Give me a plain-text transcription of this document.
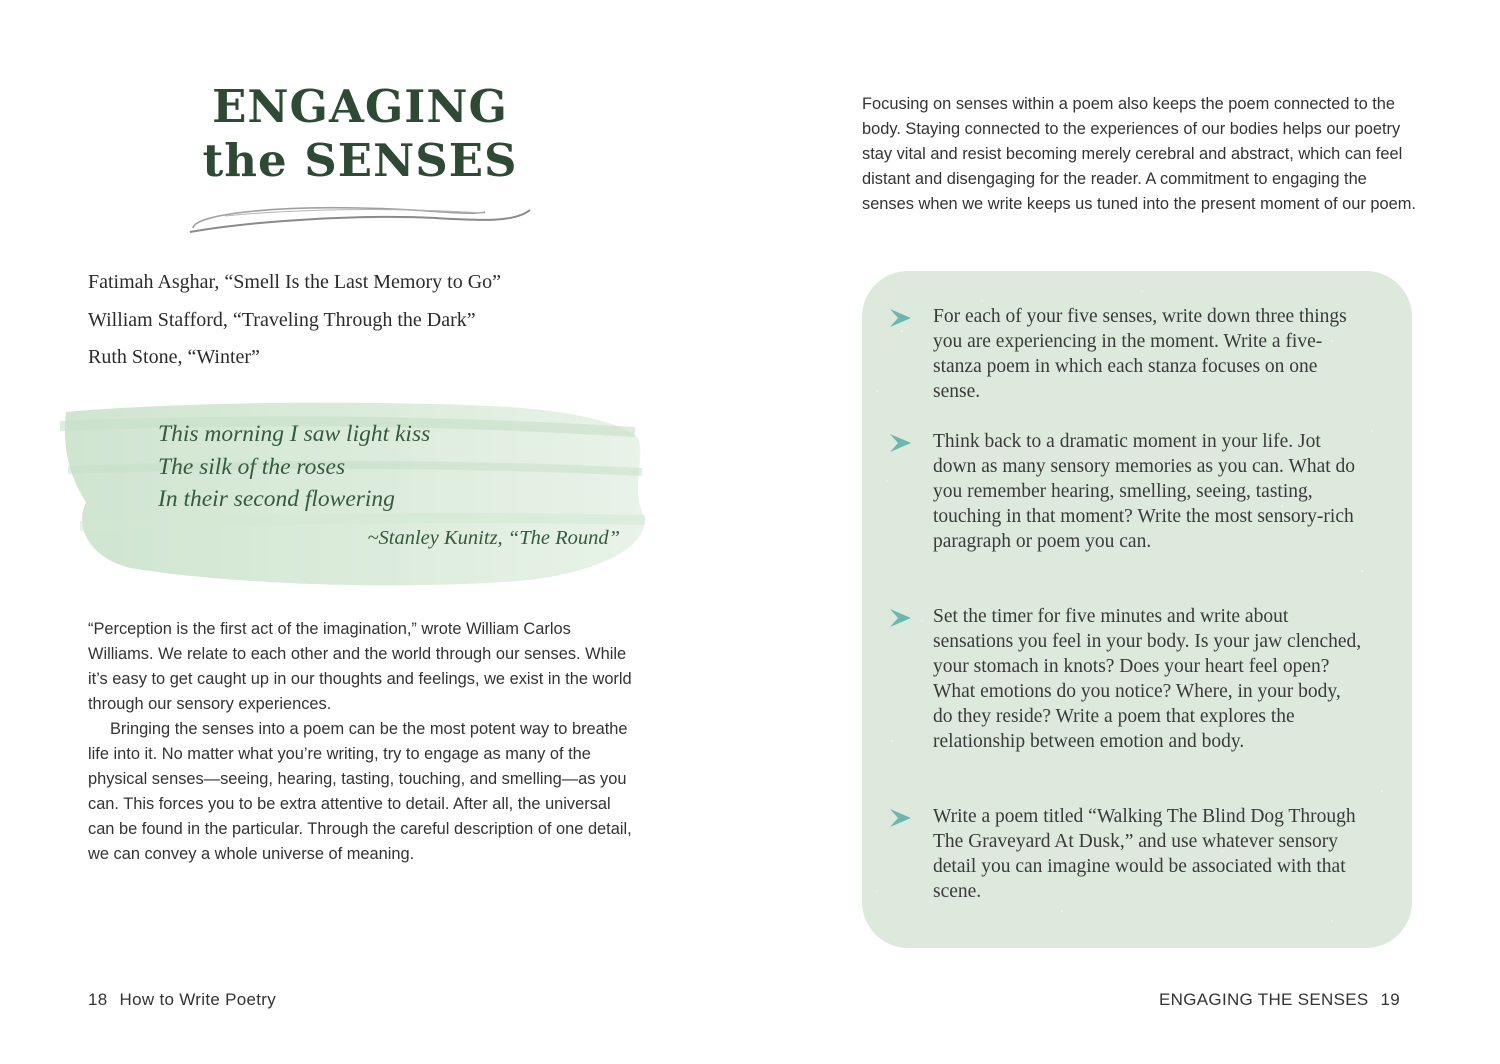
ENGAGING
the SENSES
Fatimah Asghar, “Smell Is the Last Memory to Go”
William Stafford, “Traveling Through the Dark”
Ruth Stone, “Winter”
This morning I saw light kiss
The silk of the roses
In their second flowering
~Stanley Kunitz, “The Round”

“Perception is the first act of the imagination,” wrote William Carlos Williams. We relate to each other and the world through our senses. While it’s easy to get caught up in our thoughts and feelings, we exist in the world through our sensory experiences.

Bringing the senses into a poem can be the most potent way to breathe life into it. No matter what you’re writing, try to engage as many of the physical senses—seeing, hearing, tasting, touching, and smelling—as you can. This forces you to be extra attentive to detail. After all, the universal can be found in the particular. Through the careful description of one detail, we can convey a whole universe of meaning.

18 How to Write Poetry

Focusing on senses within a poem also keeps the poem connected to the body. Staying connected to the experiences of our bodies helps our poetry stay vital and resist becoming merely cerebral and abstract, which can feel distant and disengaging for the reader. A commitment to engaging the senses when we write keeps us tuned into the present moment of our poem.

For each of your five senses, write down three things you are experiencing in the moment. Write a five-stanza poem in which each stanza focuses on one sense.
Think back to a dramatic moment in your life. Jot down as many sensory memories as you can. What do you remember hearing, smelling, seeing, tasting, touching in that moment? Write the most sensory-rich paragraph or poem you can.
Set the timer for five minutes and write about sensations you feel in your body. Is your jaw clenched, your stomach in knots? Does your heart feel open? What emotions do you notice? Where, in your body, do they reside? Write a poem that explores the relationship between emotion and body.
Write a poem titled “Walking The Blind Dog Through The Graveyard At Dusk,” and use whatever sensory detail you can imagine would be associated with that scene.
ENGAGING THE SENSES 19
